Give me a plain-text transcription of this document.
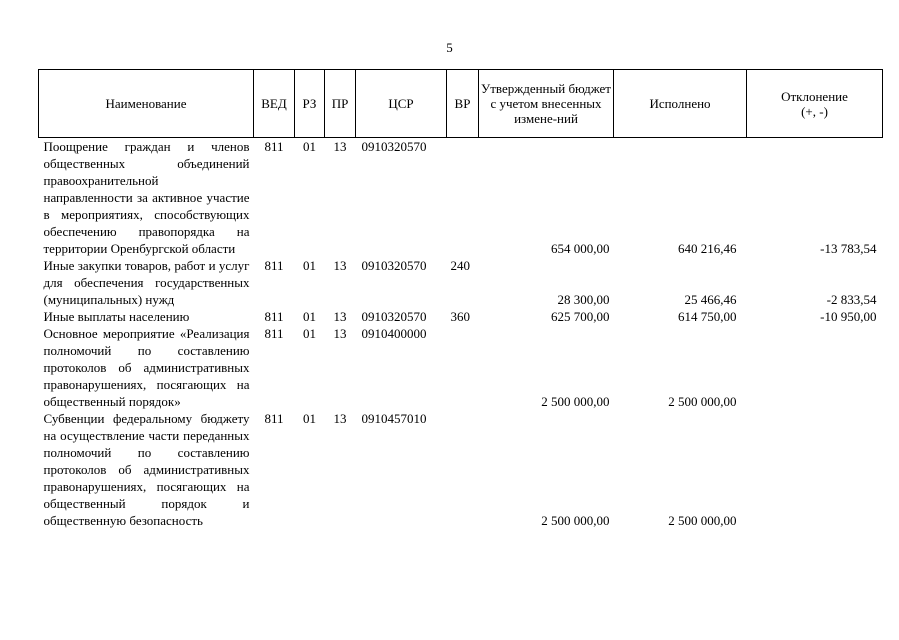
5
Наименование	ВЕД	РЗ	ПР	ЦСР	ВР	Утвержденный бюджет с учетом внесенных измене-ний	Исполнено	Отклонение
(+, -)

Поощрение граждан и членов общественных объединений правоохранительной направленности за активное участие в мероприятиях, способствующих обеспечению правопорядка на территории Оренбургской области	811	01	13	0910320570		654 000,00	640 216,46	-13 783,54
Иные закупки товаров, работ и услуг для обеспечения государственных (муниципальных) нужд	811	01	13	0910320570	240	28 300,00	25 466,46	-2 833,54
Иные выплаты населению	811	01	13	0910320570	360	625 700,00	614 750,00	-10 950,00
Основное мероприятие «Реализация полномочий по составлению протоколов об административных правонарушениях, посягающих на общественный порядок»	811	01	13	0910400000		2 500 000,00	2 500 000,00	
Субвенции федеральному бюджету на осуществление части переданных полномочий по составлению протоколов об административных правонарушениях, посягающих на общественный порядок и общественную безопасность	811	01	13	0910457010		2 500 000,00	2 500 000,00	
